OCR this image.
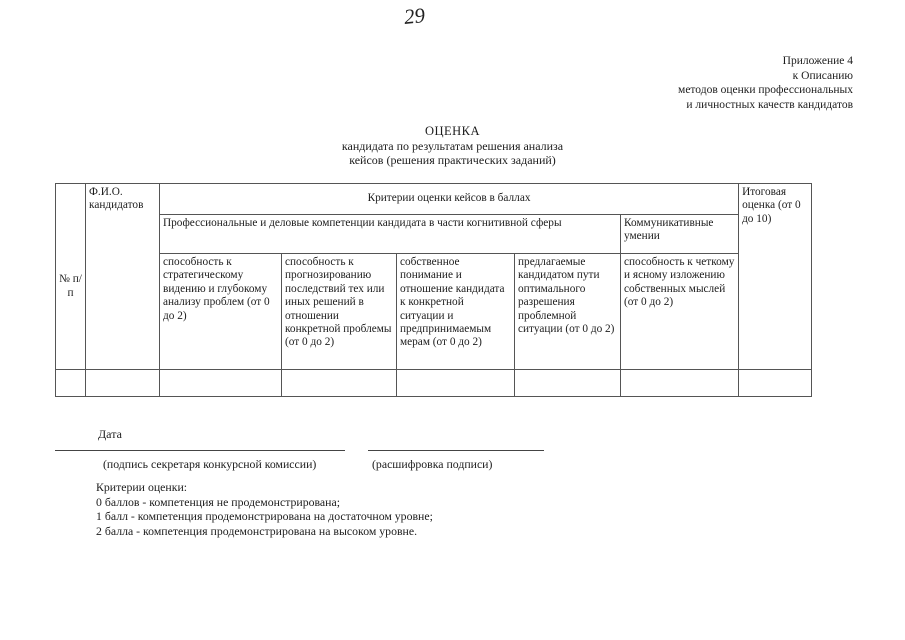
29
Приложение 4
к Описанию
методов оценки профессиональных
и личностных качеств кандидатов
ОЦЕНКА
кандидата по результатам решения анализа
кейсов (решения практических заданий)
№ п/п	Ф.И.О. кандидатов	Критерии оценки кейсов в баллах					Итоговая оценка (от 0 до 10)
		Профессиональные и деловые компетенции кандидата в части когнитивной сферы				Коммуникативные умении	
		способность к стратегическому видению и глубокому анализу проблем (от 0 до 2)	способность к прогнозированию последствий тех или иных решений в отношении конкретной проблемы (от 0 до 2)	собственное понимание и отношение кандидата к конкретной ситуации и предпринимаемым мерам (от 0 до 2)	предлагаемые кандидатом пути оптимального разрешения проблемной ситуации (от 0 до 2)	способность к четкому и ясному изложению собственных мыслей (от 0 до 2)	

Дата
(подпись секретаря конкурсной комиссии)	(расшифровка подписи)
Критерии оценки:
0 баллов - компетенция не продемонстрирована;
1 балл - компетенция продемонстрирована на достаточном уровне;
2 балла - компетенция продемонстрирована на высоком уровне.
